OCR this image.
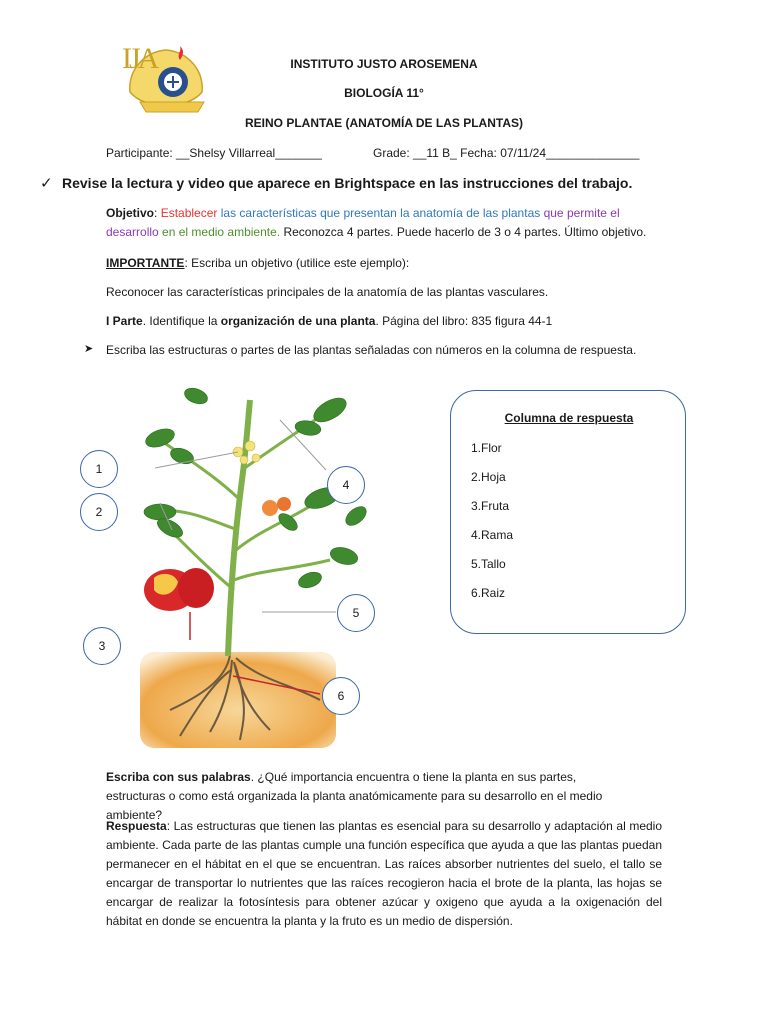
IJA	INSTITUTO JUSTO AROSEMENA
BIOLOGÍA 11°
REINO PLANTAE (ANATOMÍA DE LAS PLANTAS)
Participante: __Shelsy Villarreal_______	Grade: __11 B_ Fecha: 07/11/24______________
✓ Revise la lectura y video que aparece en Brightspace en las instrucciones del trabajo.
Objetivo: Establecer las características que presentan la anatomía de las plantas que permite el desarrollo en el medio ambiente. Reconozca 4 partes. Puede hacerlo de 3 o 4 partes. Último objetivo.
IMPORTANTE: Escriba un objetivo (utilice este ejemplo):
Reconocer las características principales de la anatomía de las plantas vasculares.
I Parte. Identifique la organización de una planta. Página del libro: 835 figura 44-1
➤ Escriba las estructuras o partes de las plantas señaladas con números en la columna de respuesta.
1
2
3
4
5
6
Columna de respuesta
1.Flor
2.Hoja
3.Fruta
4.Rama
5.Tallo
6.Raiz
Escriba con sus palabras. ¿Qué importancia encuentra o tiene la planta en sus partes, estructuras o como está organizada la planta anatómicamente para su desarrollo en el medio ambiente?
Respuesta: Las estructuras que tienen las plantas es esencial para su desarrollo y adaptación al medio ambiente. Cada parte de las plantas cumple una función específica que ayuda a que las plantas puedan permanecer en el hábitat en el que se encuentran. Las raíces absorber nutrientes del suelo, el tallo se encargar de transportar lo nutrientes que las raíces recogieron hacia el brote de la planta, las hojas se encargar de realizar la fotosíntesis para obtener azúcar y oxigeno que ayuda a la oxigenación del hábitat en donde se encuentra la planta y la fruto es un medio de dispersión.
